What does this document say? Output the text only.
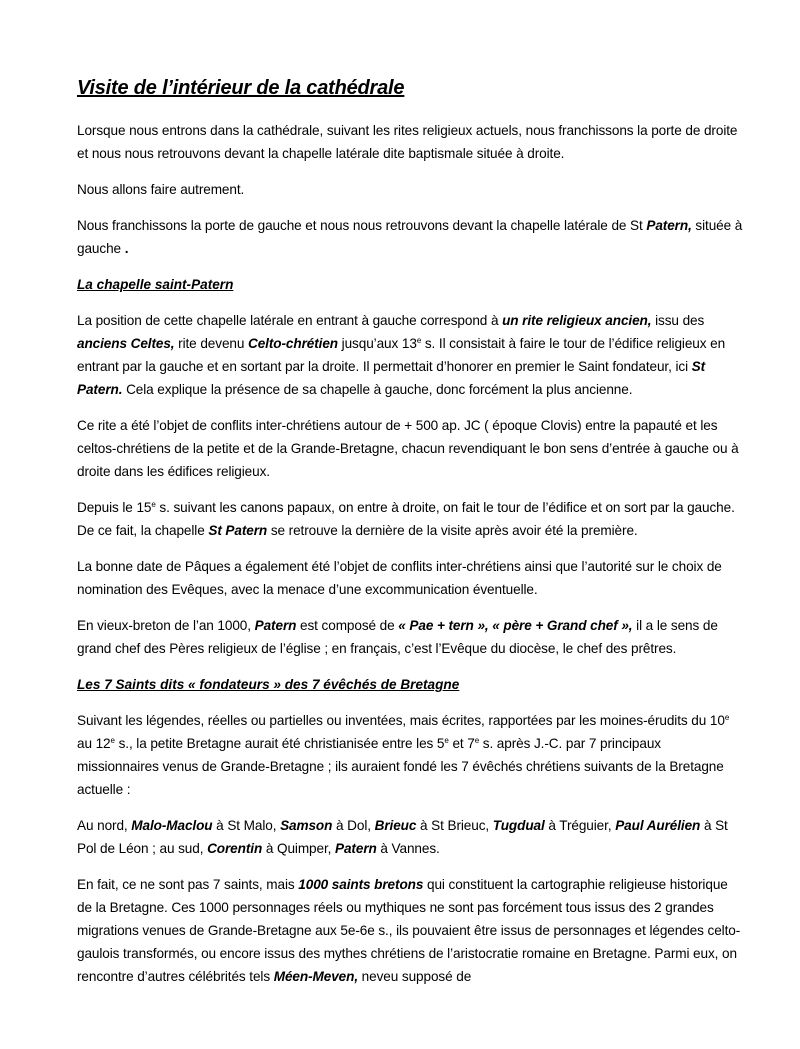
Visite de l’intérieur de la cathédrale

Lorsque nous entrons dans la cathédrale, suivant les rites religieux actuels, nous franchissons la porte de droite et nous nous retrouvons devant la chapelle latérale dite baptismale située à droite.

Nous allons faire autrement.

Nous franchissons la porte de gauche et nous nous retrouvons devant la chapelle latérale de St Patern, située à gauche .

La chapelle saint-Patern

La position de cette chapelle latérale en entrant à gauche correspond à un rite religieux ancien, issu des anciens Celtes, rite devenu Celto-chrétien jusqu’aux 13e s. Il consistait à faire le tour de l’édifice religieux en entrant par la gauche et en sortant par la droite. Il permettait d’honorer en premier le Saint fondateur, ici St Patern. Cela explique la présence de sa chapelle à gauche, donc forcément la plus ancienne.

Ce rite a été l’objet de conflits inter-chrétiens autour de + 500 ap. JC ( époque Clovis) entre la papauté et les celtos-chrétiens de la petite et de la Grande-Bretagne, chacun revendiquant le bon sens d’entrée à gauche ou à droite dans les édifices religieux.

Depuis le 15e s. suivant les canons papaux, on entre à droite, on fait le tour de l’édifice et on sort par la gauche. De ce fait, la chapelle St Patern se retrouve la dernière de la visite après avoir été la première.

La bonne date de Pâques a également été l’objet de conflits inter-chrétiens ainsi que l’autorité sur le choix de nomination des Evêques, avec la menace d’une excommunication éventuelle.

En vieux-breton de l’an 1000, Patern est composé de « Pae + tern », « père + Grand chef », il a le sens de grand chef des Pères religieux de l’église ; en français, c’est l’Evêque du diocèse, le chef des prêtres.

Les 7 Saints dits « fondateurs » des 7 évêchés de Bretagne

Suivant les légendes, réelles ou partielles ou inventées, mais écrites, rapportées par les moines-érudits du 10e au 12e s., la petite Bretagne aurait été christianisée entre les 5e et 7e s. après J.-C. par 7 principaux missionnaires venus de Grande-Bretagne ; ils auraient fondé les 7 évêchés chrétiens suivants de la Bretagne actuelle :

Au nord, Malo-Maclou à St Malo, Samson à Dol, Brieuc à St Brieuc, Tugdual à Tréguier, Paul Aurélien à St Pol de Léon ; au sud, Corentin à Quimper, Patern à Vannes.

En fait, ce ne sont pas 7 saints, mais 1000 saints bretons qui constituent la cartographie religieuse historique de la Bretagne. Ces 1000 personnages réels ou mythiques ne sont pas forcément tous issus des 2 grandes migrations venues de Grande-Bretagne aux 5e-6e s., ils pouvaient être issus de personnages et légendes celto-gaulois transformés, ou encore issus des mythes chrétiens de l’aristocratie romaine en Bretagne. Parmi eux, on rencontre d’autres célébrités tels Méen-Meven, neveu supposé de
